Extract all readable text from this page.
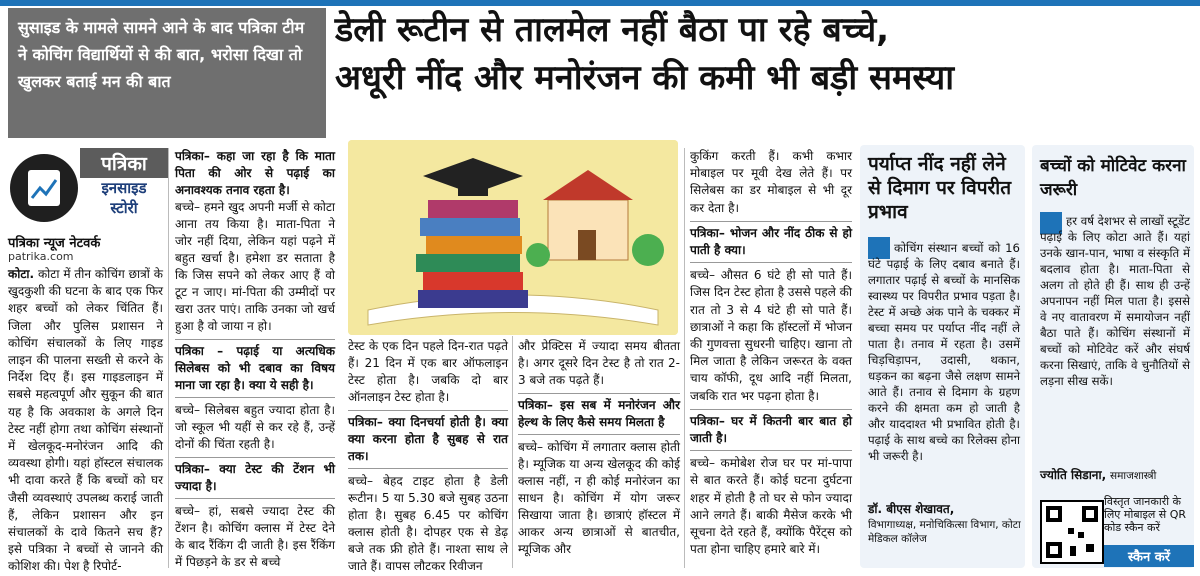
सुसाइड के मामले सामने आने के बाद पत्रिका टीम ने कोचिंग विद्यार्थियों से की बात, भरोसा दिखा तो खुलकर बताई मन की बात
डेली रूटीन से तालमेल नहीं बैठा पा रहे बच्चे,
अधूरी नींद और मनोरंजन की कमी भी बड़ी समस्या
पत्रिका
इनसाइड
स्टोरी
पत्रिका न्यूज नेटवर्क
patrika.com
कोटा. कोटा में तीन कोचिंग छात्रों के खुदकुशी की घटना के बाद एक फिर शहर बच्चों को लेकर चिंतित हैं। जिला और पुलिस प्रशासन ने कोचिंग संचालकों के लिए गाइड लाइन की पालना सख्ती से करने के निर्देश दिए हैं। इस गाइडलाइन में सबसे महत्वपूर्ण और सुकून की बात यह है कि अवकाश के अगले दिन टेस्ट नहीं होगा तथा कोचिंग संस्थानों में खेलकूद-मनोरंजन आदि की व्यवस्था होगी। यहां हॉस्टल संचालक भी दावा करते हैं कि बच्चों को घर जैसी व्यवस्थाएं उपलब्ध कराई जाती हैं, लेकिन प्रशासन और इन संचालकों के दावे कितने सच हैं? इसे पत्रिका ने बच्चों से जानने की कोशिश की। पेश है रिपोर्ट-
पत्रिका– कहा जा रहा है कि माता पिता की ओर से पढ़ाई का अनावश्यक तनाव रहता है।
बच्चे– हमने खुद अपनी मर्जी से कोटा आना तय किया है। माता-पिता ने जोर नहीं दिया, लेकिन यहां पढ़ने में बहुत खर्चा है। हमेशा डर सताता है कि जिस सपने को लेकर आए हैं वो टूट न जाए। मां-पिता की उम्मीदों पर खरा उतर पाएं। ताकि उनका जो खर्च हुआ है वो जाया न हो।
पत्रिका – पढ़ाई या अत्यधिक सिलेबस को भी दबाव का विषय माना जा रहा है। क्या ये सही है।
बच्चे– सिलेबस बहुत ज्यादा होता है। जो स्कूल भी यहीं से कर रहे हैं, उन्हें दोनों की चिंता रहती है।
पत्रिका– क्या टेस्ट की टेंशन भी ज्यादा है।
बच्चे– हां, सबसे ज्यादा टेस्ट की टेंशन है। कोचिंग क्लास में टेस्ट देने के बाद रैंकिंग दी जाती है। इस रैंकिंग में पिछड़ने के डर से बच्चे
टेस्ट के एक दिन पहले दिन-रात पढ़ते हैं। 21 दिन में एक बार ऑफलाइन टेस्ट होता है। जबकि दो बार ऑनलाइन टेस्ट होता है।
पत्रिका– क्या दिनचर्या होती है। क्या क्या करना होता है सुबह से रात तक।
बच्चे– बेहद टाइट होता है डेली रूटीन। 5 या 5.30 बजे सुबह उठना होता है। सुबह 6.45 पर कोचिंग क्लास होती है। दोपहर एक से डेढ़ बजे तक फ्री होते हैं। नाश्ता साथ ले जाते हैं। वापस लौटकर रिवीजन
और प्रेक्टिस में ज्यादा समय बीतता है। अगर दूसरे दिन टेस्ट है तो रात 2-3 बजे तक पढ़ते हैं।
पत्रिका– इस सब में मनोरंजन और हेल्थ के लिए कैसे समय मिलता है
बच्चे– कोचिंग में लगातार क्लास होती है। म्यूजिक या अन्य खेलकूद की कोई क्लास नहीं, न ही कोई मनोरंजन का साधन है। कोचिंग में योग जरूर सिखाया जाता है। छात्राएं हॉस्टल में आकर अन्य छात्राओं से बातचीत, म्यूजिक और
कुकिंग करती हैं। कभी कभार मोबाइल पर मूवी देख लेते हैं। पर सिलेबस का डर मोबाइल से भी दूर कर देता है।
पत्रिका– भोजन और नींद ठीक से हो पाती है क्या।
बच्चे– औसत 6 घंटे ही सो पाते हैं। जिस दिन टेस्ट होता है उससे पहले की रात तो 3 से 4 घंटे ही सो पाते हैं। छात्राओं ने कहा कि हॉस्टलों में भोजन की गुणवत्ता सुधरनी चाहिए। खाना तो मिल जाता है लेकिन जरूरत के वक्त चाय कॉफी, दूध आदि नहीं मिलता, जबकि रात भर पढ़ना होता है।
पत्रिका– घर में कितनी बार बात हो जाती है।
बच्चे– कमोबेश रोज घर पर मां-पापा से बात करते हैं। कोई घटना दुर्घटना शहर में होती है तो घर से फोन ज्यादा आने लगते हैं। बाकी मैसेज करके भी सूचना देते रहते हैं, क्योंकि पैरेंट्स को पता होना चाहिए हमारे बारे में।
पर्याप्त नींद नहीं लेने से दिमाग पर विपरीत प्रभाव
कोचिंग संस्थान बच्चों को 16 घंटे पढ़ाई के लिए दबाव बनाते हैं। लगातार पढ़ाई से बच्चों के मानसिक स्वास्थ्य पर विपरीत प्रभाव पड़ता है। टेस्ट में अच्छे अंक पाने के चक्कर में बच्चा समय पर पर्याप्त नींद नहीं ले पाता है। तनाव में रहता है। उसमें चिड़चिड़ापन, उदासी, थकान, धड़कन का बढ़ना जैसे लक्षण सामने आते हैं। तनाव से दिमाग के ग्रहण करने की क्षमता कम हो जाती है और याददाश्त भी प्रभावित होती है। पढ़ाई के साथ बच्चे का रिलेक्स होना भी जरूरी है।
डॉ. बीएस शेखावत,
विभागाध्यक्ष, मनोचिकित्सा विभाग, कोटा मेडिकल कॉलेज
बच्चों को मोटिवेट करना जरूरी
हर वर्ष देशभर से लाखों स्टूडेंट पढ़ाई के लिए कोटा आते हैं। यहां उनके खान-पान, भाषा व संस्कृति में बदलाव होता है। माता-पिता से अलग तो होते ही हैं। साथ ही उन्हें अपनापन नहीं मिल पाता है। इससे वे नए वातावरण में समायोजन नहीं बैठा पाते हैं। कोचिंग संस्थानों में बच्चों को मोटिवेट करें और संघर्ष करना सिखाएं, ताकि वे चुनौतियों से लड़ना सीख सकें।
ज्योति सिडाना, समाजशास्त्री
विस्तृत जानकारी के लिए मोबाइल से QR कोड स्कैन करें
स्कैन करें
